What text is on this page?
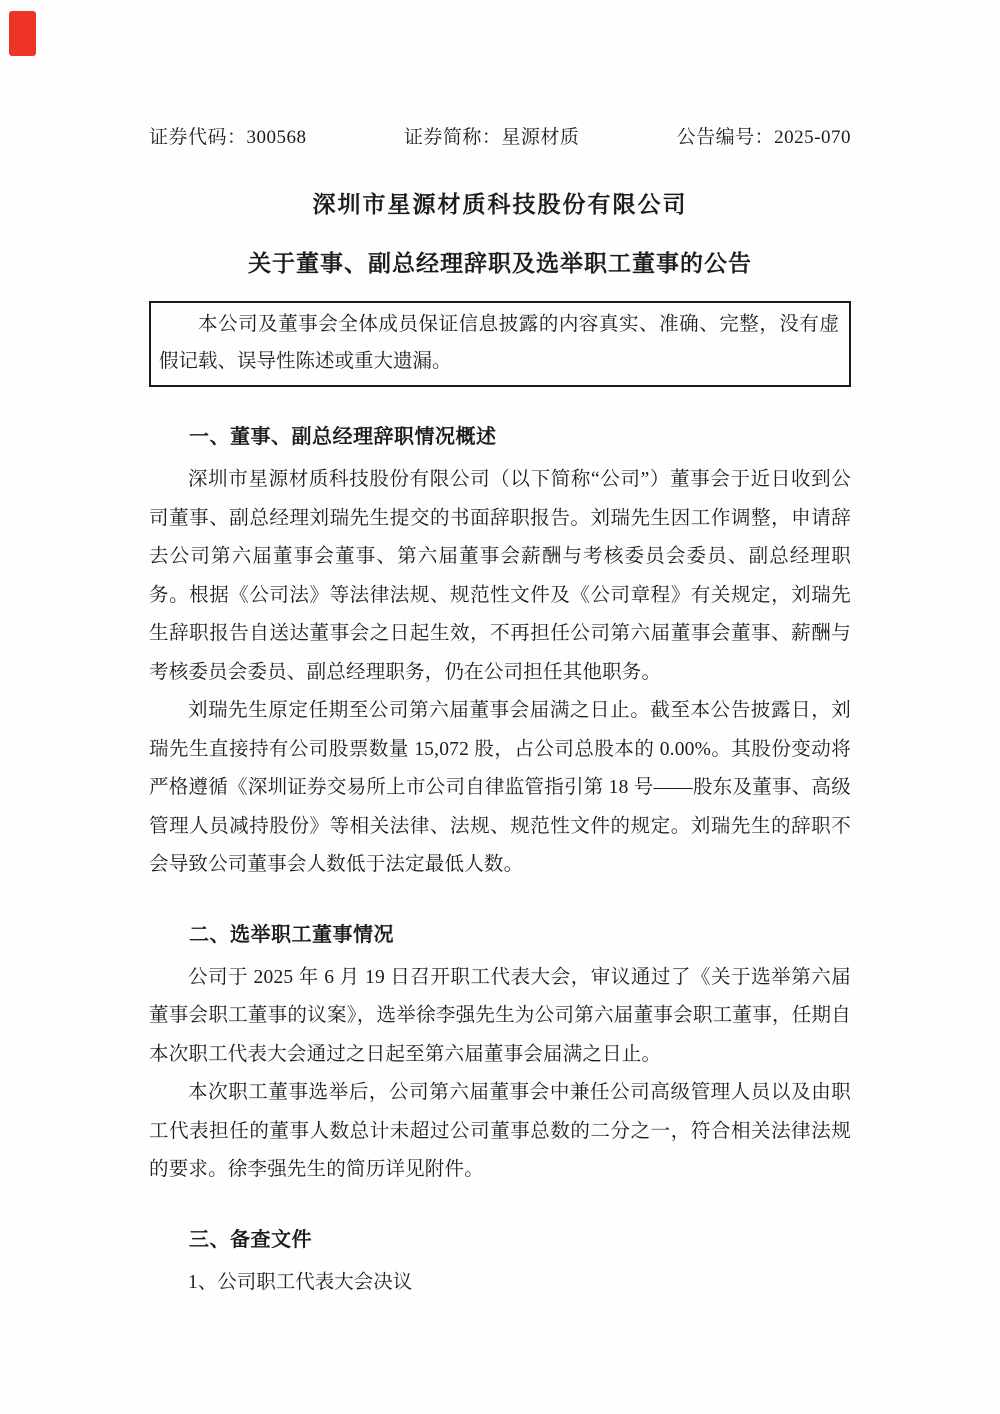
证券代码：300568	证券简称：星源材质	公告编号：2025-070
深圳市星源材质科技股份有限公司
关于董事、副总经理辞职及选举职工董事的公告

本公司及董事会全体成员保证信息披露的内容真实、准确、完整，没有虚假记载、误导性陈述或重大遗漏。

一、董事、副总经理辞职情况概述

深圳市星源材质科技股份有限公司（以下简称“公司”）董事会于近日收到公司董事、副总经理刘瑞先生提交的书面辞职报告。刘瑞先生因工作调整，申请辞去公司第六届董事会董事、第六届董事会薪酬与考核委员会委员、副总经理职务。根据《公司法》等法律法规、规范性文件及《公司章程》有关规定，刘瑞先生辞职报告自送达董事会之日起生效，不再担任公司第六届董事会董事、薪酬与考核委员会委员、副总经理职务，仍在公司担任其他职务。

刘瑞先生原定任期至公司第六届董事会届满之日止。截至本公告披露日，刘瑞先生直接持有公司股票数量 15,072 股，占公司总股本的 0.00%。其股份变动将严格遵循《深圳证券交易所上市公司自律监管指引第 18 号——股东及董事、高级管理人员减持股份》等相关法律、法规、规范性文件的规定。刘瑞先生的辞职不会导致公司董事会人数低于法定最低人数。

二、选举职工董事情况

公司于 2025 年 6 月 19 日召开职工代表大会，审议通过了《关于选举第六届董事会职工董事的议案》，选举徐李强先生为公司第六届董事会职工董事，任期自本次职工代表大会通过之日起至第六届董事会届满之日止。

本次职工董事选举后，公司第六届董事会中兼任公司高级管理人员以及由职工代表担任的董事人数总计未超过公司董事总数的二分之一，符合相关法律法规的要求。徐李强先生的简历详见附件。

三、备查文件

1、公司职工代表大会决议
